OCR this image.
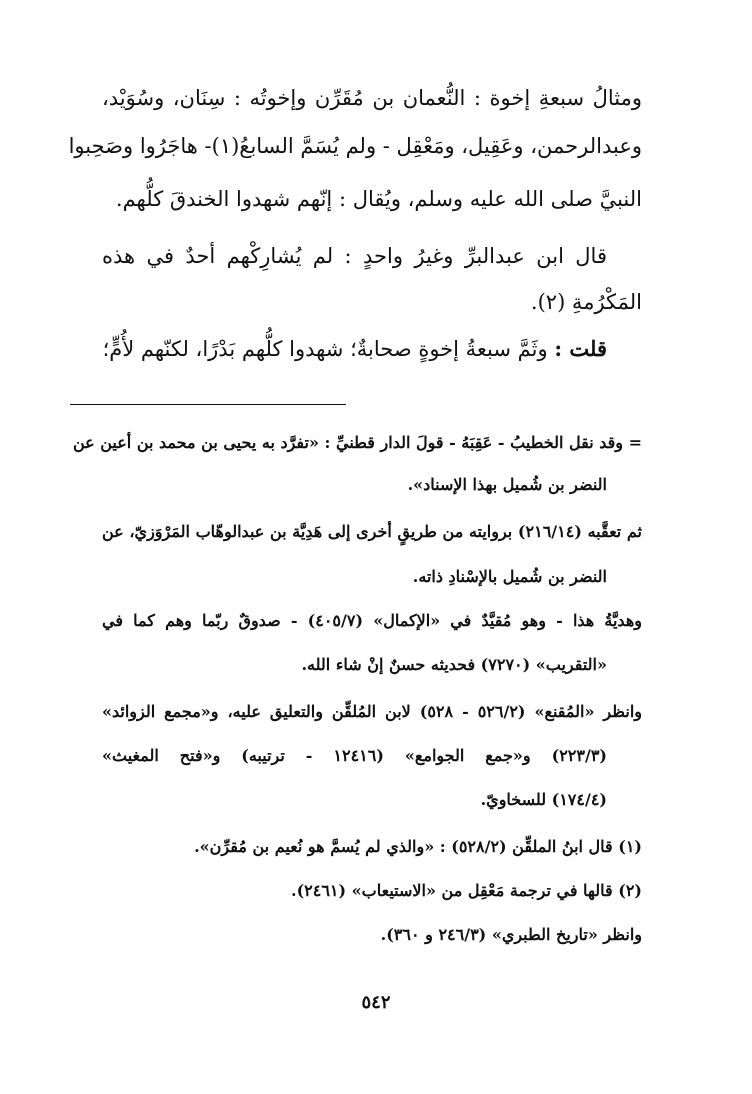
ومثالُ سبعةِ إخوة : النُّعمان بن مُقَرِّن وإخوتُه : سِنَان، وسُوَيْد،
وعبدالرحمن، وعَقِيل، ومَعْقِل - ولم يُسَمَّ السابعُ(١)- هاجَرُوا وصَحِبوا
النبيَّ صلى الله عليه وسلم، ويُقال : إنّهم شهدوا الخندقَ كلُّهم.
قال ابن عبدالبرِّ وغيرُ واحدٍ : لم يُشارِكْهم أحدٌ في هذه
المَكْرُمةِ (٢).
قلت : وثَمَّ سبعةُ إخوةٍ صحابةٌ؛ شهدوا كلُّهم بَدْرًا، لكنّهم لأُمٍّ؛
= وقد نقل الخطيبُ - عَقِبَهُ - قولَ الدار قطنيِّ : «تفرَّد به يحيى بن محمد بن أعين عن
النضر بن شُميل بهذا الإسناد».
ثم تعقَّبه (٢١٦/١٤) بروايته من طريقٍ أخرى إلى هَدِيَّة بن عبدالوهّاب المَرْوَزيّ، عن
النضر بن شُميل بالإسْنادِ ذاته.
وهديَّةُ هذا - وهو مُقيَّدٌ في «الإكمال» (٤٠٥/٧) - صدوقٌ ربّما وهم كما في
«التقريب» (٧٢٧٠) فحديثه حسنٌ إنْ شاء الله.
وانظر «المُقنع» (٥٢٦/٢ - ٥٢٨) لابن المُلقِّن والتعليق عليه، و«مجمع الزوائد»
(٢٢٣/٣) و«جمع الجوامع» (١٢٤١٦ - ترتيبه) و«فتح المغيث»
(١٧٤/٤) للسخاويّ.
(١) قال ابنُ الملقِّن (٥٢٨/٢) : «والذي لم يُسمَّ هو نُعيم بن مُقرِّن».
(٢) قالها في ترجمة مَعْقِل من «الاستيعاب» (٢٤٦١).
وانظر «تاريخ الطبري» (٢٤٦/٣ و ٣٦٠).
٥٤٢
